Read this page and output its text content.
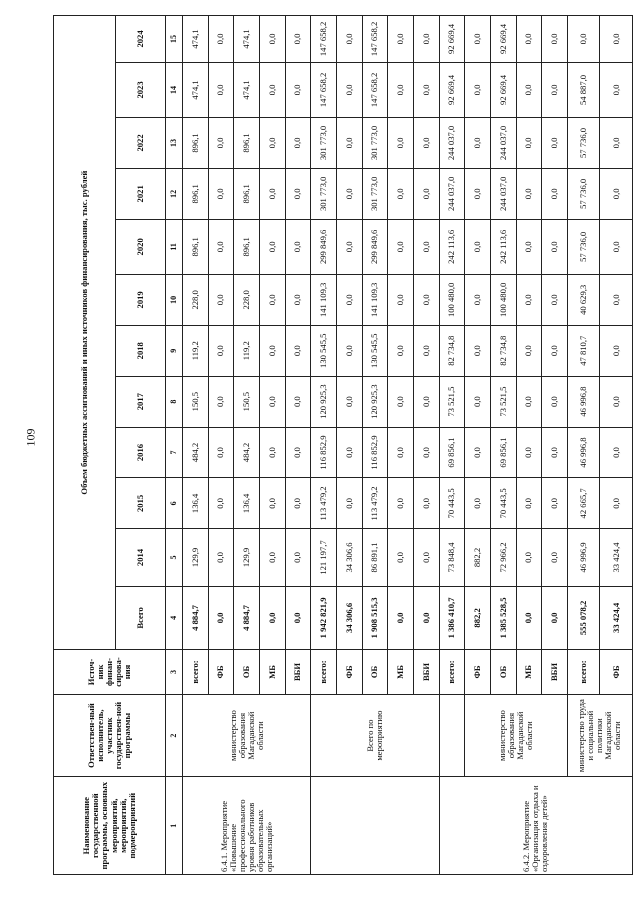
109
Наименование государственной программы, основных мероприятий, мероприятий, подмероприятий	Ответствен-ный исполнитель, участник государствен-ной программы	Источ-ник финан-сирова-ния	Объем бюджетных ассигнований и иных источников финансирования, тыс. рублей											
			Всего	2014	2015	2016	2017	2018	2019	2020	2021	2022	2023	2024
1	2	3	4	5	6	7	8	9	10	11	12	13	14	15
6.4.1. Мероприятие «Повышение профессионального уровня работников образовательных организаций»	министерство образования Магаданской области	всего:	4 884,7	129,9	136,4	484,2	150,5	119,2	228,0	896,1	896,1	896,1	474,1	474,1
		ФБ	0,0	0,0	0,0	0,0	0,0	0,0	0,0	0,0	0,0	0,0	0,0	0,0
		ОБ	4 884,7	129,9	136,4	484,2	150,5	119,2	228,0	896,1	896,1	896,1	474,1	474,1
		МБ	0,0	0,0	0,0	0,0	0,0	0,0	0,0	0,0	0,0	0,0	0,0	0,0
		ВБИ	0,0	0,0	0,0	0,0	0,0	0,0	0,0	0,0	0,0	0,0	0,0	0,0
	Всего по мероприятию	всего:	1 942 821,9	121 197,7	113 479,2	116 852,9	120 925,3	130 545,5	141 109,3	299 849,6	301 773,0	301 773,0	147 658,2	147 658,2
		ФБ	34 306,6	34 306,6	0,0	0,0	0,0	0,0	0,0	0,0	0,0	0,0	0,0	0,0
		ОБ	1 908 515,3	86 891,1	113 479,2	116 852,9	120 925,3	130 545,5	141 109,3	299 849,6	301 773,0	301 773,0	147 658,2	147 658,2
		МБ	0,0	0,0	0,0	0,0	0,0	0,0	0,0	0,0	0,0	0,0	0,0	0,0
		ВБИ	0,0	0,0	0,0	0,0	0,0	0,0	0,0	0,0	0,0	0,0	0,0	0,0
6.4.2. Мероприятие «Организация отдыха и оздоровления детей»		всего:	1 386 410,7	73 848,4	70 443,5	69 856,1	73 521,5	82 734,8	100 480,0	242 113,6	244 037,0	244 037,0	92 669,4	92 669,4
	министерство образования Магаданской области	ФБ	882,2	882,2	0,0	0,0	0,0	0,0	0,0	0,0	0,0	0,0	0,0	0,0
		ОБ	1 385 528,5	72 966,2	70 443,5	69 856,1	73 521,5	82 734,8	100 480,0	242 113,6	244 037,0	244 037,0	92 669,4	92 669,4
		МБ	0,0	0,0	0,0	0,0	0,0	0,0	0,0	0,0	0,0	0,0	0,0	0,0
		ВБИ	0,0	0,0	0,0	0,0	0,0	0,0	0,0	0,0	0,0	0,0	0,0	0,0
	министерство труда и социальной политики Магаданской области	всего:	555 078,2	46 996,9	42 665,7	46 996,8	46 996,8	47 810,7	40 629,3	57 736,0	57 736,0	57 736,0	54 887,0	0,0
		ФБ	33 424,4	33 424,4	0,0	0,0	0,0	0,0	0,0	0,0	0,0	0,0	0,0	0,0
